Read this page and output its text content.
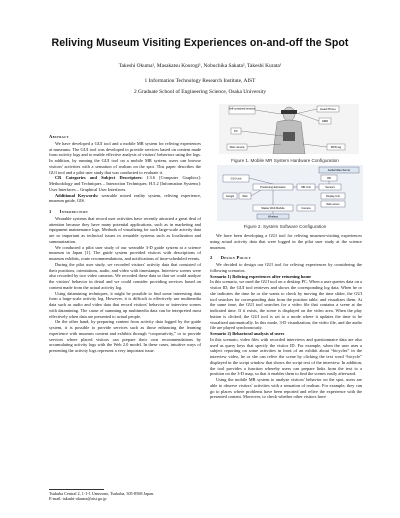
Reliving Museum Visiting Experiences on-and-off the Spot
Takeshi Okuma¹, Masakatsu Kourogi¹, Nobuchika Sakata², Takeshi Kurata¹
1 Information Technology Research Institute, AIST
2 Graduate School of Engineering Science, Osaka University
Abstract

We have developed a GUI tool and a mobile MR system for reliving experiences at museums. The GUI tool was developed to provide services based on content made from activity logs and to enable effective analysis of visitors' behaviors using the logs. In addition, by running the GUI tool on a mobile MR system, users can browse visitors' activities with a sensation of realism on the spot. This paper describes the GUI tool and a pilot user study that was conducted to evaluate it.

CR Categories and Subject Descriptors: I.3.6 [Computer Graphics]: Methodology and Techniques – Interaction Techniques; H.5.2 [Information Systems]: User Interfaces – Graphical User Interfaces.

Additional Keywords: wearable mixed reality system, reliving experience, museum guide, GIS.

1 Introduction

Wearable systems that record user activities have recently attracted a great deal of attention because they have many potential applications, such as in marketing and equipment maintenance logs. Methods of visualizing for such large-scale activity data are so important as technical issues in wearable systems such as localization and summarization.

We conducted a pilot user study of our wearable 3-D guide system at a science museum in Japan [1]. The guide system provided visitors with descriptions of museum exhibits, route recommendations, and notifications of time-scheduled events.

During the pilot user study, we recorded visitors' activity data that consisted of their positions, orientations, audio, and video with timestamps. Interview scenes were also recorded by two video cameras. We recorded these data so that we could analyze the visitors' behavior in detail and we could consider providing services based on content made from the actual activity log.

Using datamining techniques, it might be possible to find some interesting data from a large-scale activity log. However, it is difficult to effectively use multimedia data such as audio and video data that record visitors' behavior or interview scenes with datamining. The cause of summing up multimedia data can be interpreted most effectively when data are presented to actual people.

On the other hand, by preparing content from activity data logged by the guide system, it is possible to provide services such as those enhancing the learning experience with museum content and exhibits through “cooperativity,” or to provide services where placed visitors can prepare their own recommendations by accumulating activity logs with the Web 2.0 model. In these cases, intuitive ways of presenting the activity logs represent a very important issue.

Tsukuba Central 2, 1-1-1 Umezono, Tsukuba, 305-8568 Japan.
E-mail: takashi-okuma@aist.go.jp
Self-contained sensors	Head Phone
HMD
PC
Web camera	RFID tag
Figure 1. Mobile MR System Hardware Configuration
Audio/Video Server
DB
GUI Unit
Positioning Estimation	MR Unit	Sensors
Google	Web	Display Unit
Web server
Master Web Module	Camera
Wireless
Figure 2. System Software Configuration

We have been developing a GUI tool for reliving museum-visiting experiences using actual activity data that were logged in the pilot user study at the science museum.

2 Design Policy

We decided to design our GUI tool for reliving experiences by considering the following scenarios.

Scenario 1) Reliving experiences after returning home

In this scenario, we used the GUI tool on a desktop PC. When a user queries data on a visitor ID, the GUI tool retrieves and shows the corresponding log data. When he or she indicates the time he or she wants to check by moving the time slider, the GUI tool searches for corresponding data from the position table, and visualizes them. At the same time, the GUI tool searches for a video file that contains a scene at the indicated time. If it exists, the scene is displayed on the video area. When the play button is clicked, the GUI tool is set to a mode where it updates the time to be visualized automatically. In this mode, 3-D visualization, the video file, and the audio file are played synchronously.

Scenario 2) Behavioral analysis of users

In this scenario, video files with recorded interviews and questionnaire data are also used as query keys that specify the visitor ID. For example, when the user uses a subject reporting on some activities in front of an exhibit about “bicycles” in the interview video, he or she can relive the scene by clicking the text word “bicycle” displayed in the script window that shows the script text of the interview. In addition, the tool provides a function whereby users can prepare links from the text to a position on the 3-D map, so that it enables them to find the scenes easily afterward.

Using the mobile MR system to analyze visitors' behavior on the spot, users are able to observe visitors' activities with a sensation of realism. For example, they can go to places where problems have been reported and relive the experience with the presented content. Moreover, to check whether other visitors have
